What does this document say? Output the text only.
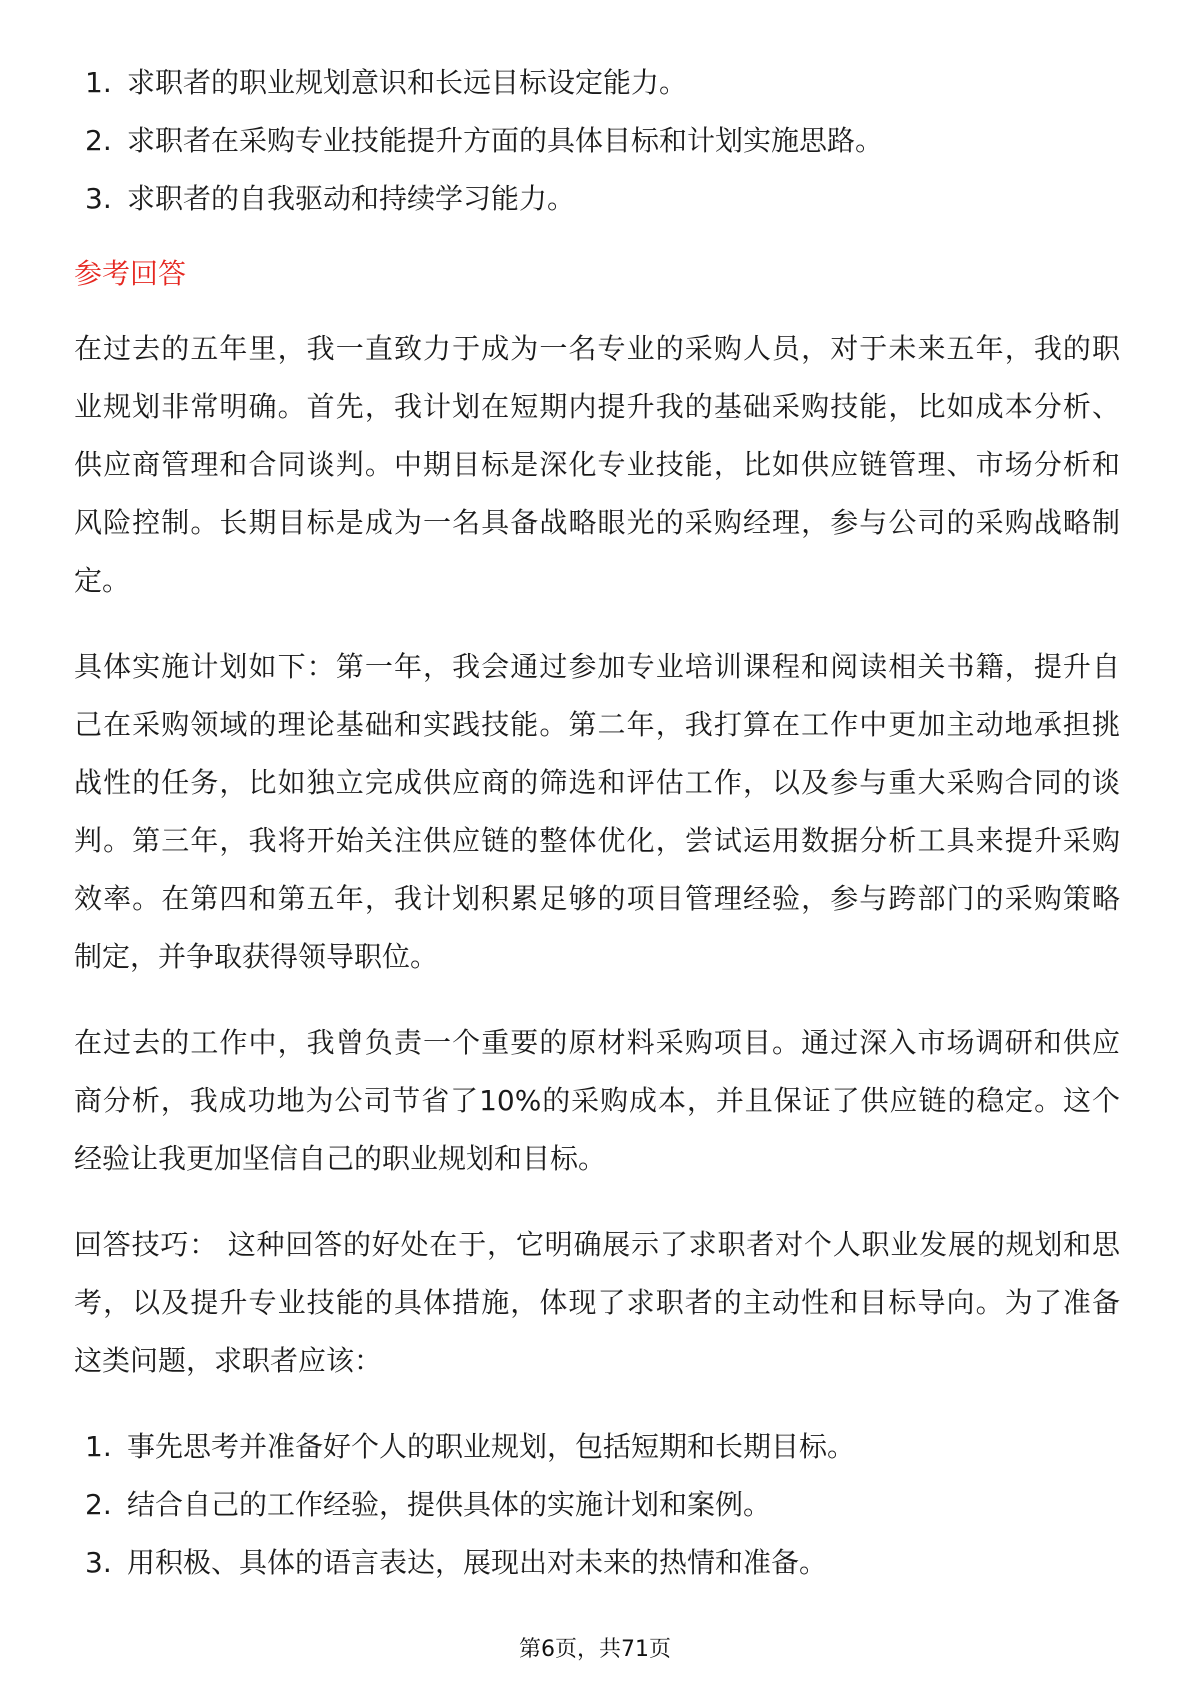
1. 求职者的职业规划意识和长远目标设定能力。
2. 求职者在采购专业技能提升方面的具体目标和计划实施思路。
3. 求职者的自我驱动和持续学习能力。
参考回答
在过去的五年里，我一直致力于成为一名专业的采购人员，对于未来五年，我的职
业规划非常明确。首先，我计划在短期内提升我的基础采购技能，比如成本分析、
供应商管理和合同谈判。中期目标是深化专业技能，比如供应链管理、市场分析和
风险控制。长期目标是成为一名具备战略眼光的采购经理，参与公司的采购战略制
定。
具体实施计划如下：第一年，我会通过参加专业培训课程和阅读相关书籍，提升自
己在采购领域的理论基础和实践技能。第二年，我打算在工作中更加主动地承担挑
战性的任务，比如独立完成供应商的筛选和评估工作，以及参与重大采购合同的谈
判。第三年，我将开始关注供应链的整体优化，尝试运用数据分析工具来提升采购
效率。在第四和第五年，我计划积累足够的项目管理经验，参与跨部门的采购策略
制定，并争取获得领导职位。
在过去的工作中，我曾负责一个重要的原材料采购项目。通过深入市场调研和供应
商分析，我成功地为公司节省了10%的采购成本，并且保证了供应链的稳定。这个
经验让我更加坚信自己的职业规划和目标。
回答技巧： 这种回答的好处在于，它明确展示了求职者对个人职业发展的规划和思
考，以及提升专业技能的具体措施，体现了求职者的主动性和目标导向。为了准备
这类问题，求职者应该：
1. 事先思考并准备好个人的职业规划，包括短期和长期目标。
2. 结合自己的工作经验，提供具体的实施计划和案例。
3. 用积极、具体的语言表达，展现出对未来的热情和准备。
第6页，共71页
